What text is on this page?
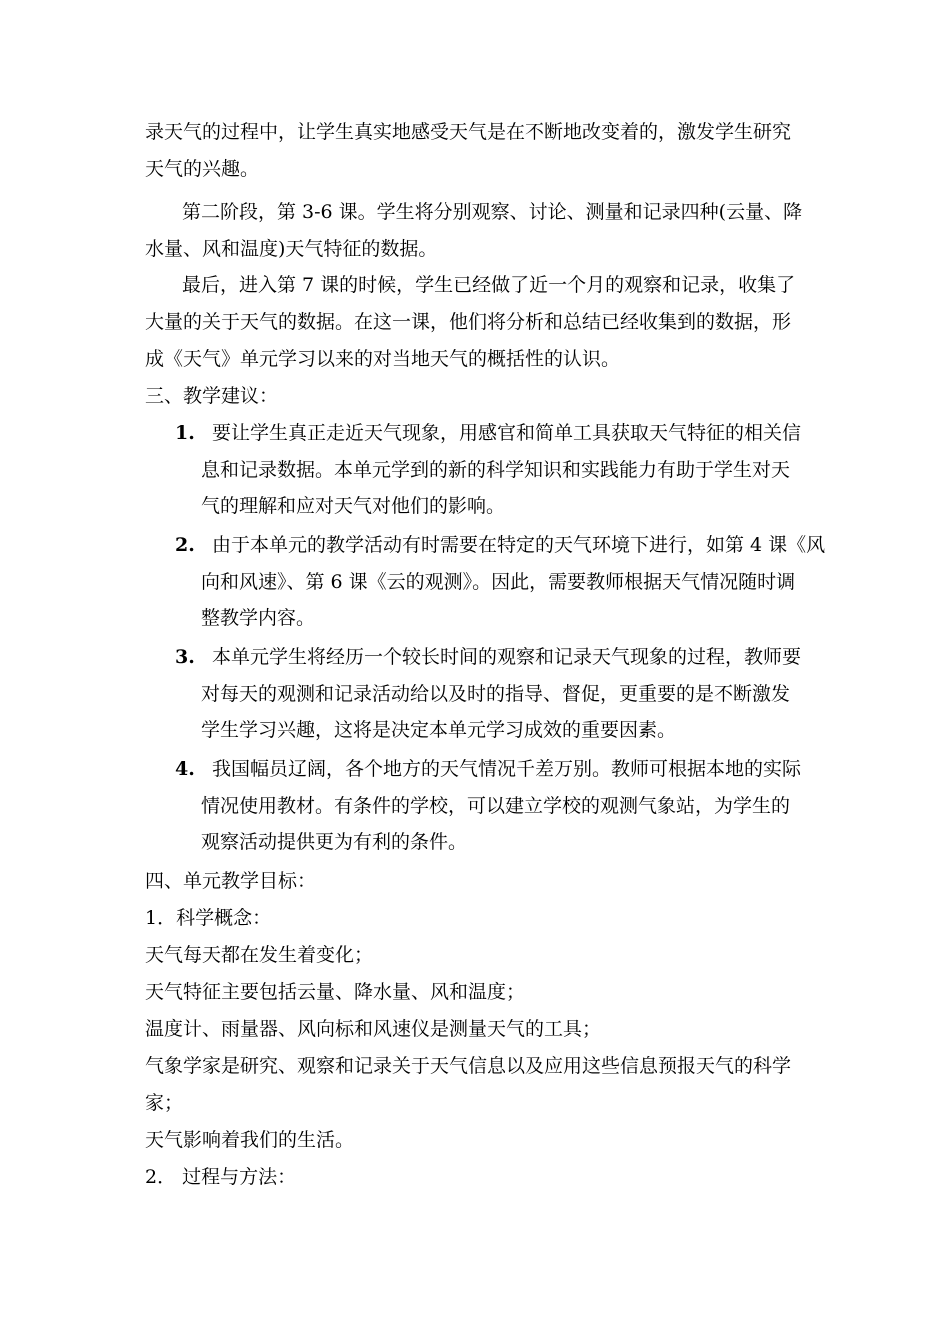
录天气的过程中，让学生真实地感受天气是在不断地改变着的，激发学生研究
天气的兴趣。
第二阶段，第 3-6 课。学生将分别观察、讨论、测量和记录四种(云量、降
水量、风和温度)天气特征的数据。
最后，进入第 7 课的时候，学生已经做了近一个月的观察和记录，收集了
大量的关于天气的数据。在这一课，他们将分析和总结已经收集到的数据，形
成《天气》单元学习以来的对当地天气的概括性的认识。
三、教学建议：
1. 要让学生真正走近天气现象，用感官和简单工具获取天气特征的相关信
息和记录数据。本单元学到的新的科学知识和实践能力有助于学生对天
气的理解和应对天气对他们的影响。
2. 由于本单元的教学活动有时需要在特定的天气环境下进行，如第 4 课《风
向和风速》、第 6 课《云的观测》。因此，需要教师根据天气情况随时调
整教学内容。
3. 本单元学生将经历一个较长时间的观察和记录天气现象的过程，教师要
对每天的观测和记录活动给以及时的指导、督促，更重要的是不断激发
学生学习兴趣，这将是决定本单元学习成效的重要因素。
4. 我国幅员辽阔，各个地方的天气情况千差万别。教师可根据本地的实际
情况使用教材。有条件的学校，可以建立学校的观测气象站，为学生的
观察活动提供更为有利的条件。
四、单元教学目标：
1．科学概念：
天气每天都在发生着变化；
天气特征主要包括云量、降水量、风和温度；
温度计、雨量器、风向标和风速仪是测量天气的工具；
气象学家是研究、观察和记录关于天气信息以及应用这些信息预报天气的科学
家；
天气影响着我们的生活。
2． 过程与方法：
